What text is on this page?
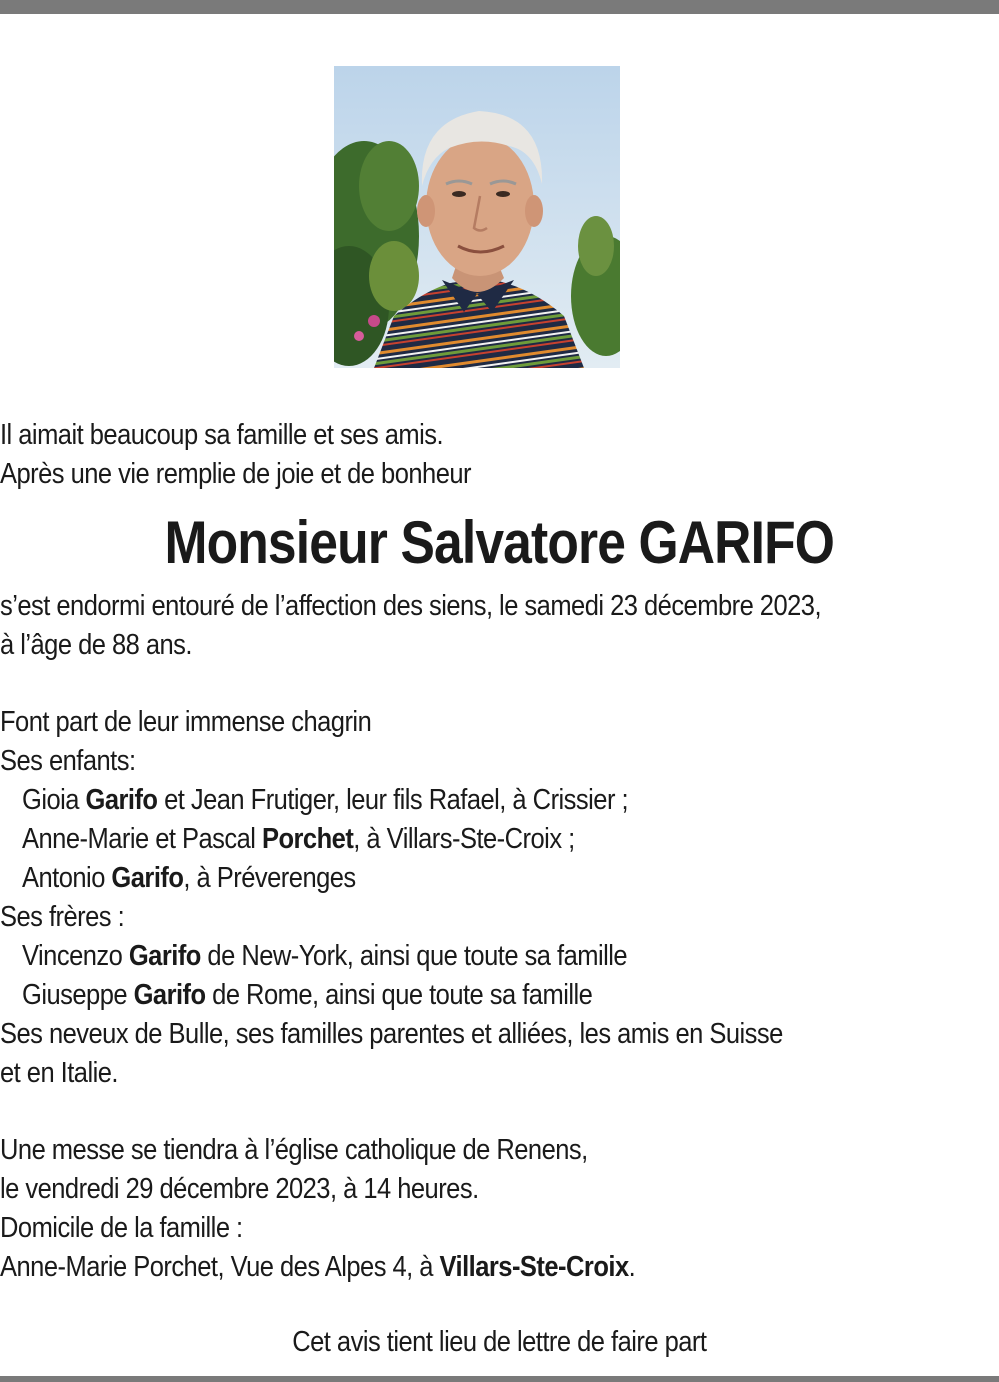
Il aimait beaucoup sa famille et ses amis.
Après une vie remplie de joie et de bonheur
Monsieur Salvatore GARIFO
s’est endormi entouré de l’affection des siens, le samedi 23 décembre 2023,
à l’âge de 88 ans.
Font part de leur immense chagrin
Ses enfants:
Gioia Garifo et Jean Frutiger, leur fils Rafael, à Crissier ;
Anne-Marie et Pascal Porchet, à Villars-Ste-Croix ;
Antonio Garifo, à Préverenges
Ses frères :
Vincenzo Garifo de New-York, ainsi que toute sa famille
Giuseppe Garifo de Rome, ainsi que toute sa famille
Ses neveux de Bulle, ses familles parentes et alliées, les amis en Suisse
et en Italie.
Une messe se tiendra à l’église catholique de Renens,
le vendredi 29 décembre 2023, à 14 heures.
Domicile de la famille :
Anne-Marie Porchet, Vue des Alpes 4, à Villars-Ste-Croix.
Cet avis tient lieu de lettre de faire part
